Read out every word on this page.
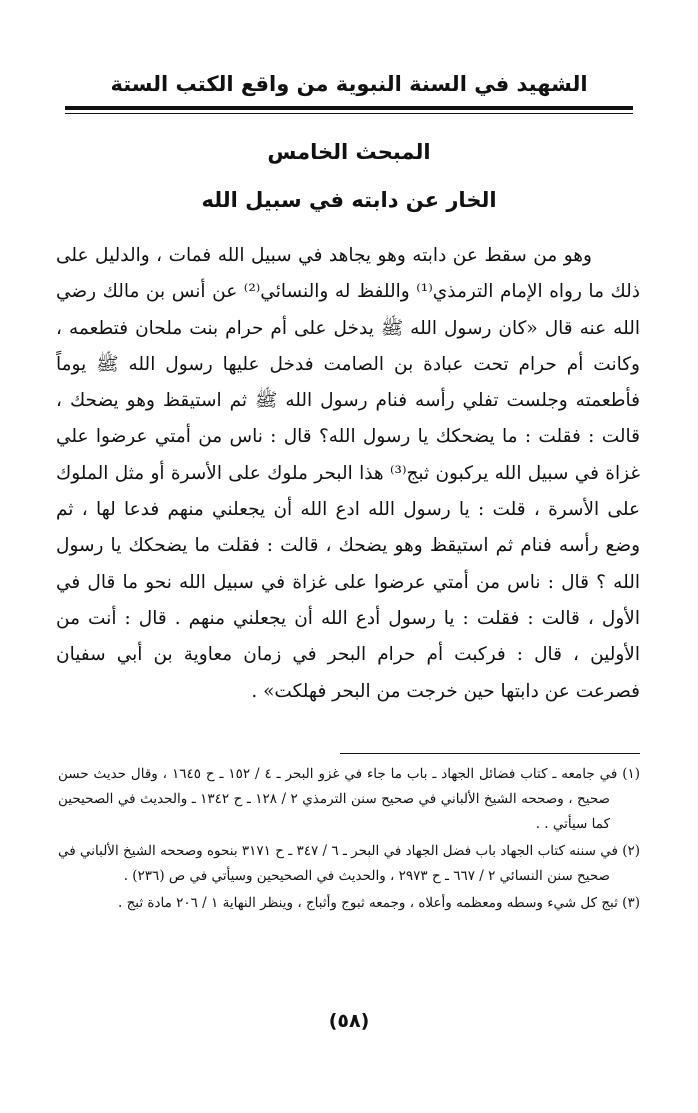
الشهيد في السنة النبوية من واقع الكتب الستة
المبحث الخامس
الخار عن دابته في سبيل الله

وهو من سقط عن دابته وهو يجاهد في سبيل الله فمات ، والدليل على ذلك ما رواه الإمام الترمذي⁽¹⁾ واللفظ له والنسائي⁽²⁾ عن أنس بن مالك رضي الله عنه قال «كان رسول الله ﷺ يدخل على أم حرام بنت ملحان فتطعمه ، وكانت أم حرام تحت عبادة بن الصامت فدخل عليها رسول الله ﷺ يوماً فأطعمته وجلست تفلي رأسه فنام رسول الله ﷺ ثم استيقظ وهو يضحك ، قالت : فقلت : ما يضحكك يا رسول الله؟ قال : ناس من أمتي عرضوا علي غزاة في سبيل الله يركبون ثبج⁽³⁾ هذا البحر ملوك على الأسرة أو مثل الملوك على الأسرة ، قلت : يا رسول الله ادع الله أن يجعلني منهم فدعا لها ، ثم وضع رأسه فنام ثم استيقظ وهو يضحك ، قالت : فقلت ما يضحكك يا رسول الله ؟ قال : ناس من أمتي عرضوا على غزاة في سبيل الله نحو ما قال في الأول ، قالت : فقلت : يا رسول أدع الله أن يجعلني منهم . قال : أنت من الأولين ، قال : فركبت أم حرام البحر في زمان معاوية بن أبي سفيان فصرعت عن دابتها حين خرجت من البحر فهلكت» .

(١) في جامعه ـ كتاب فضائل الجهاد ـ باب ما جاء في غزو البحر ـ ٤ / ١٥٢ ـ ح ١٦٤٥ ، وقال حديث حسن صحيح ، وصححه الشيخ الألباني في صحيح سنن الترمذي ٢ / ١٢٨ ـ ح ١٣٤٢ ـ والحديث في الصحيحين كما سيأتي . .

(٢) في سننه كتاب الجهاد باب فضل الجهاد في البحر ـ ٦ / ٣٤٧ ـ ح ٣١٧١ بنحوه وصححه الشيخ الألباني في صحيح سنن النسائي ٢ / ٦٦٧ ـ ح ٢٩٧٣ ، والحديث في الصحيحين وسيأتي في ص (٢٣٦) .

(٣) ثبج كل شيء وسطه ومعظمه وأعلاه ، وجمعه ثبوج وأثباج ، وينظر النهاية ١ / ٢٠٦ مادة ثبج .

(٥٨)
